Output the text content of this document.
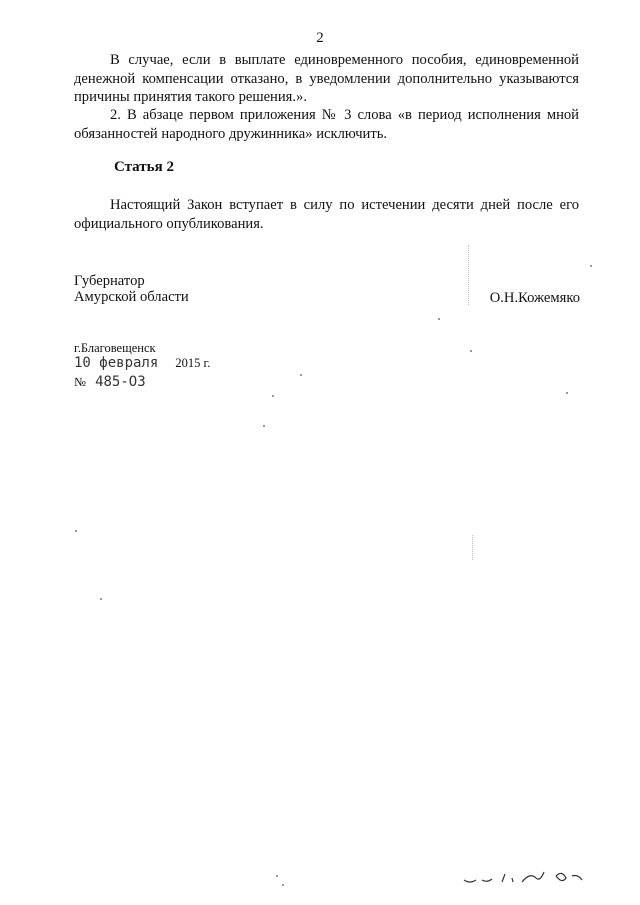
2

В случае, если в выплате единовременного пособия, единовременной денежной компенсации отказано, в уведомлении дополнительно указываются причины принятия такого решения.».

2. В абзаце первом приложения № 3 слова «в период исполнения мной обязанностей народного дружинника» исключить.

Статья 2

Настоящий Закон вступает в силу по истечении десяти дней после его официального опубликования.

Губернатор
Амурской области	О.Н.Кожемяко
г.Благовещенск
10 февраля 2015 г.
№ 485-ОЗ
